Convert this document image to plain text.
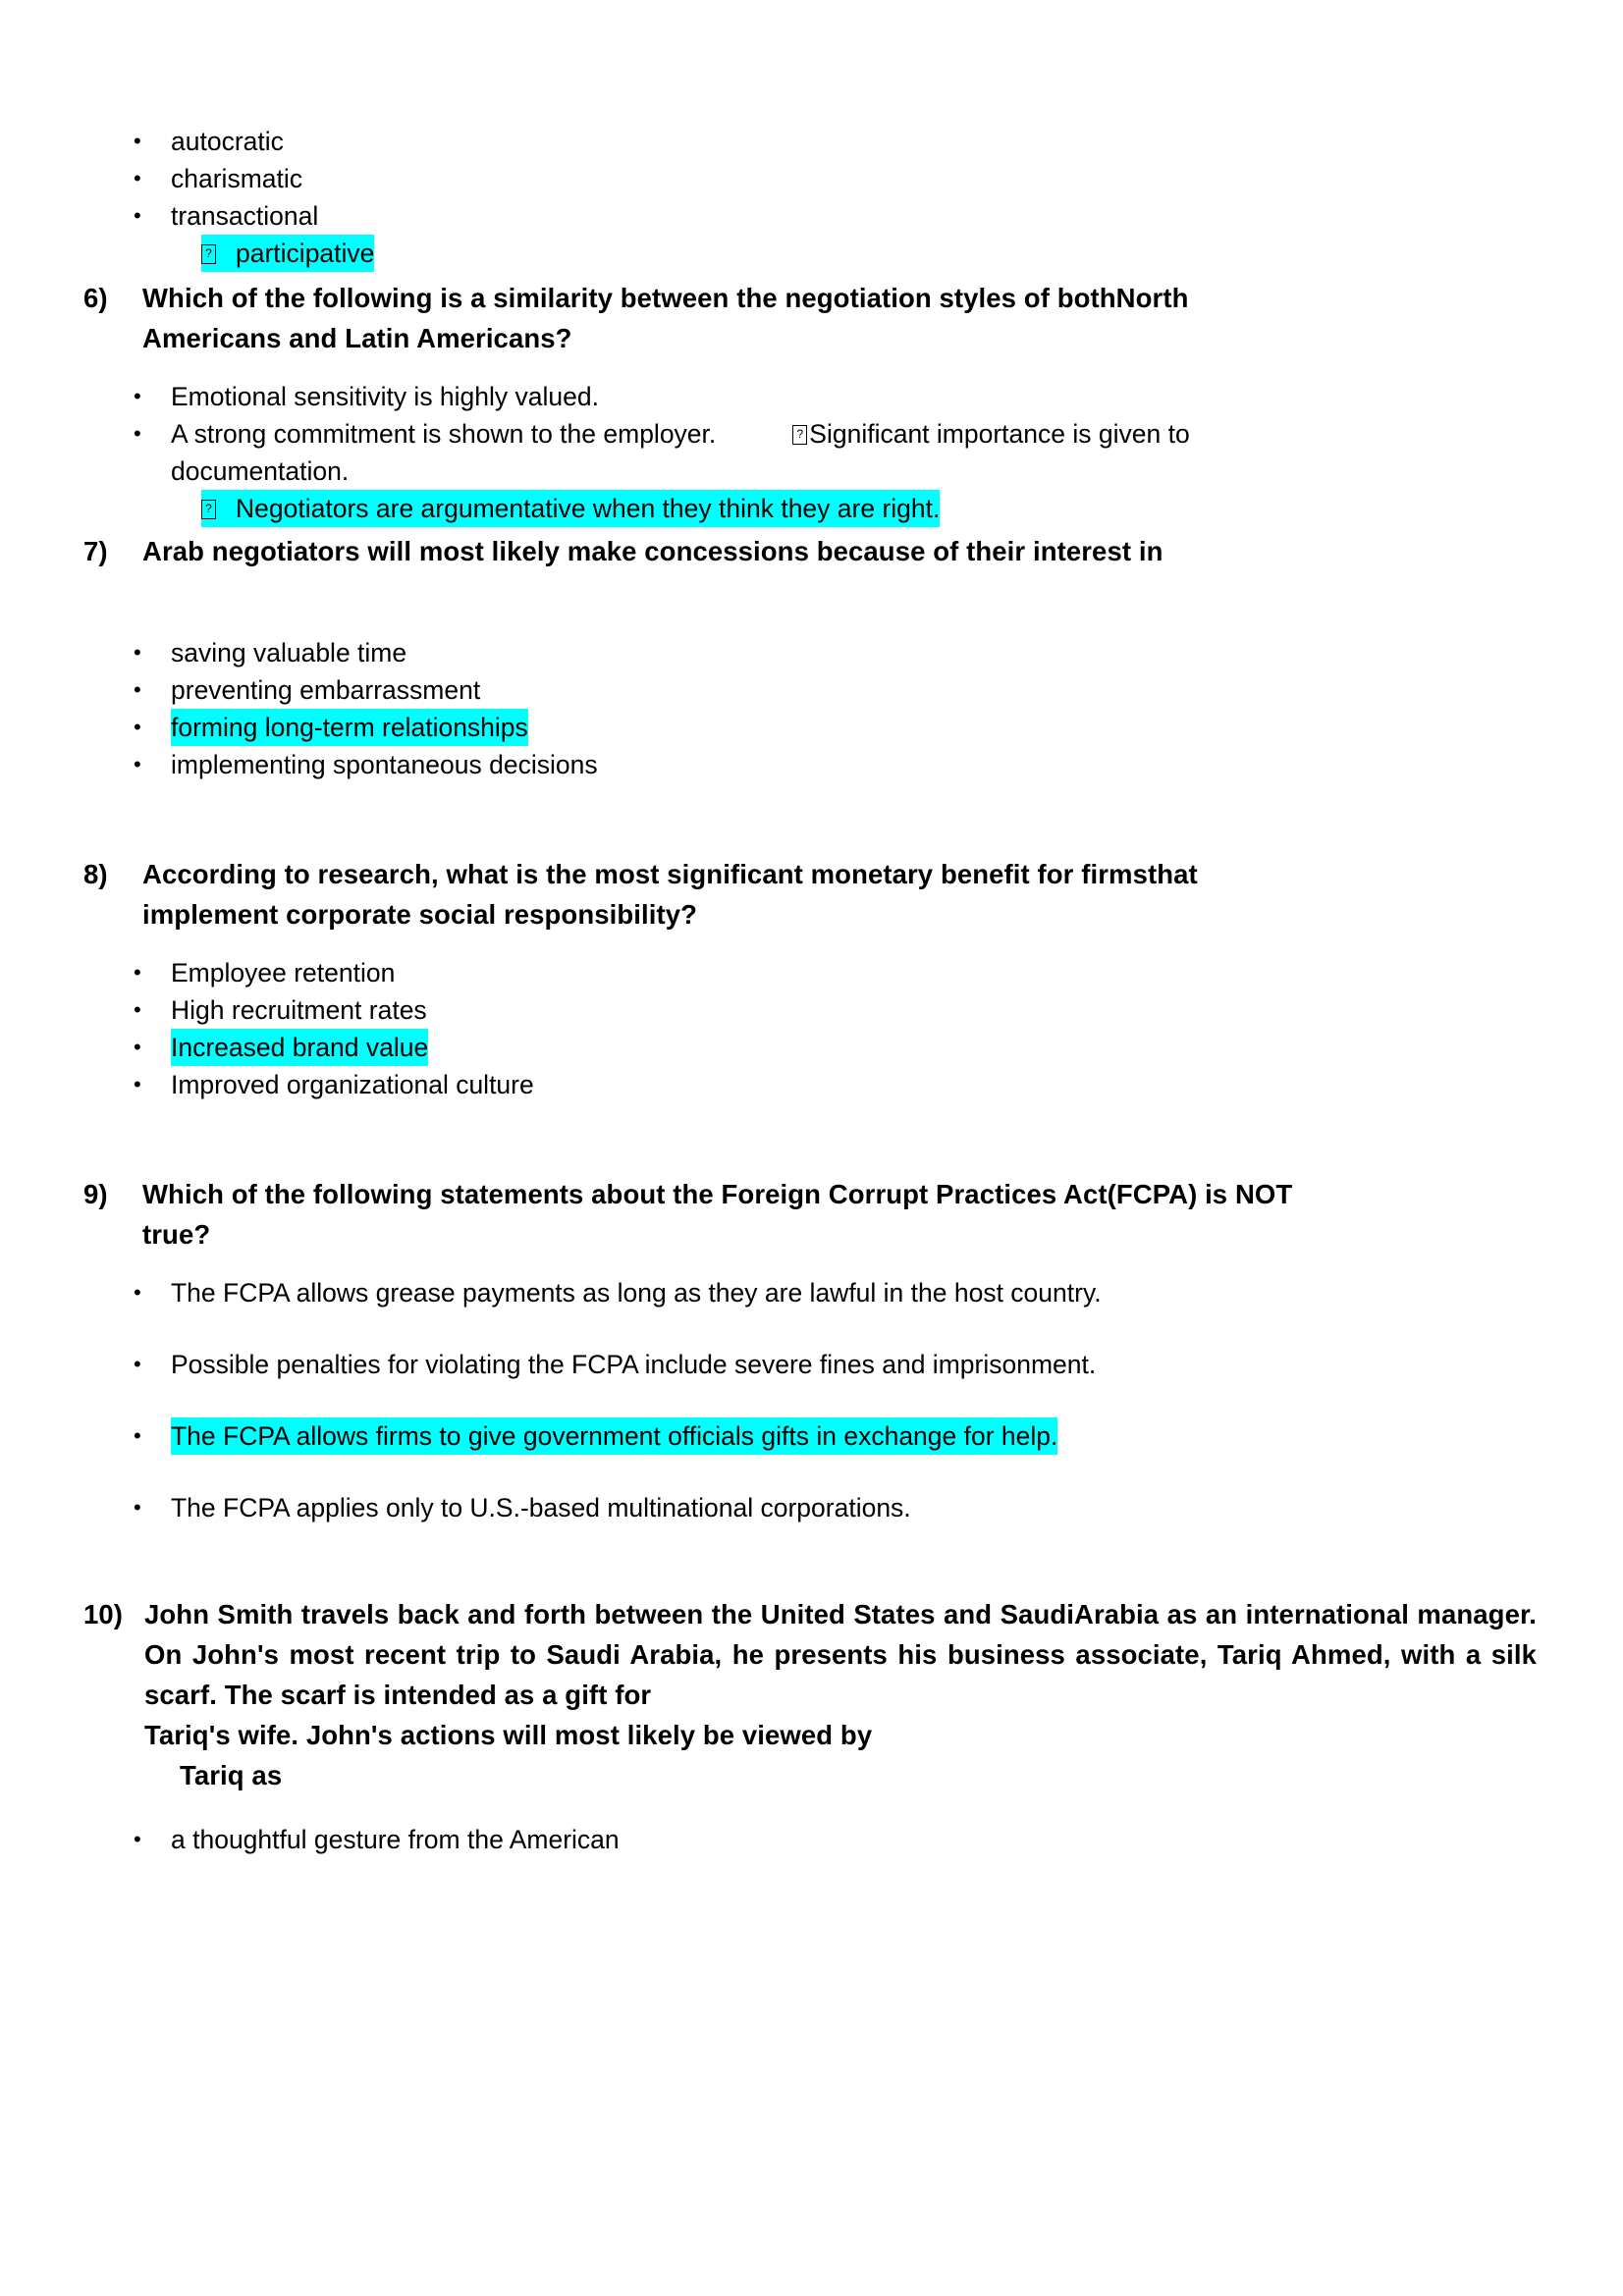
•	autocratic
•	charismatic
•	transactional
?
participative
6)	Which of the following is a similarity between the negotiation styles of bothNorth
Americans and Latin Americans?
•	Emotional sensitivity is highly valued.
•	A strong commitment is shown to the employer. ?	Significant importance is given to
documentation.
?
Negotiators are argumentative when they think they are right.
7)	Arab negotiators will most likely make concessions because of their interest in
•	saving valuable time
•	preventing embarrassment
•	forming long-term relationships
•	implementing spontaneous decisions
8)	According to research, what is the most significant monetary benefit for firmsthat
implement corporate social responsibility?
•	Employee retention
•	High recruitment rates
•	Increased brand value
•	Improved organizational culture
9)	Which of the following statements about the Foreign Corrupt Practices Act(FCPA) is NOT
true?
•	The FCPA allows grease payments as long as they are lawful in the host country.
•	Possible penalties for violating the FCPA include severe fines and imprisonment.
•	The FCPA allows firms to give government officials gifts in exchange for help.
•	The FCPA applies only to U.S.-based multinational corporations.
10) John Smith travels back and forth between the United States and SaudiArabia as an international manager. On John's most recent trip to Saudi Arabia, he presents his business associate, Tariq Ahmed, with a silk scarf. The scarf is intended as a gift for
Tariq's wife. John's actions will most likely be viewed by
Tariq as
•	a thoughtful gesture from the American
